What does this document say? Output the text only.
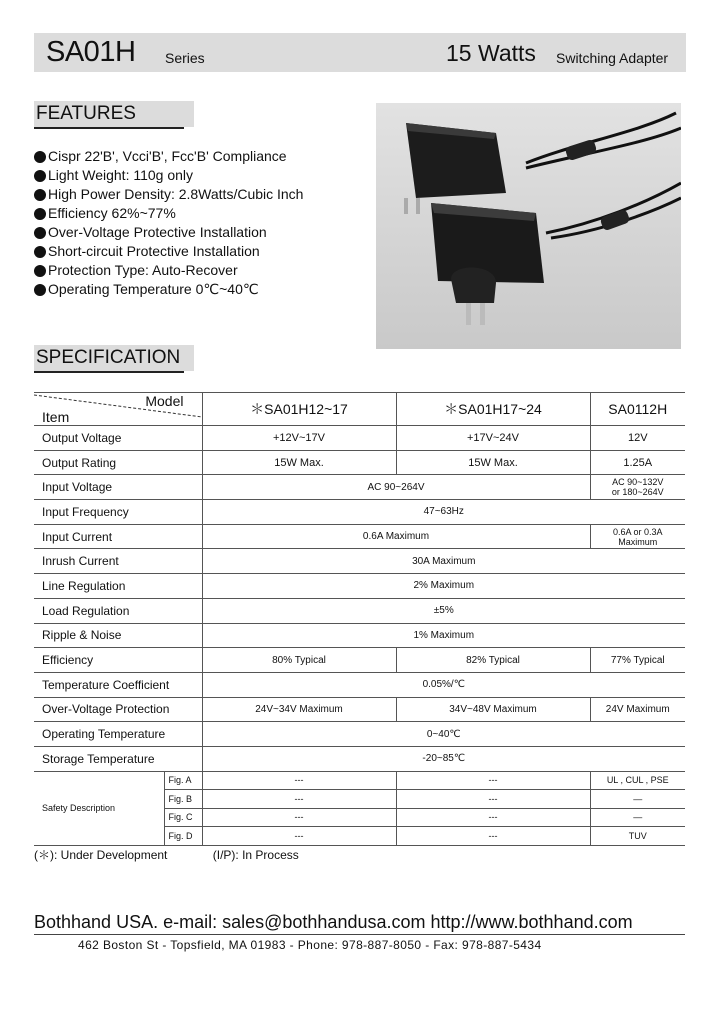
SA01H Series	15 Watts Switching Adapter
FEATURES
Cispr 22'B', Vcci'B', Fcc'B' Compliance
Light Weight: 110g only
High Power Density: 2.8Watts/Cubic Inch
Efficiency 62%~77%
Over-Voltage Protective Installation
Short-circuit Protective Installation
Protection Type: Auto-Recover
Operating Temperature 0℃~40℃
SPECIFICATION
Model
Item		＊SA01H12~17	＊SA01H17~24	SA0112H
Output Voltage		+12V~17V	+17V~24V	12V
Output Rating		15W Max.	15W Max.	1.25A
Input Voltage		AC 90~264V		AC 90~132V
or 180~264V

Input Frequency		47~63Hz		
Input Current		0.6A Maximum		0.6A or 0.3A
Maximum

Inrush Current		30A Maximum		
Line Regulation		2% Maximum		
Load Regulation		±5%		
Ripple & Noise		1% Maximum		
Efficiency		80% Typical	82% Typical	77% Typical
Temperature Coefficient		0.05%/℃		
Over-Voltage Protection		24V~34V Maximum	34V~48V Maximum	24V Maximum
Operating Temperature		0~40℃		
Storage Temperature		-20~85℃		
Safety Description	Fig. A	---	---	UL , CUL , PSE
	Fig. B	---	---	—
	Fig. C	---	---	—
	Fig. D	---	---	TUV
(＊): Under Development	(I/P): In Process
Bothhand USA. e-mail: sales@bothhandusa.com http://www.bothhand.com
462 Boston St - Topsfield, MA 01983 - Phone: 978-887-8050 - Fax: 978-887-5434
